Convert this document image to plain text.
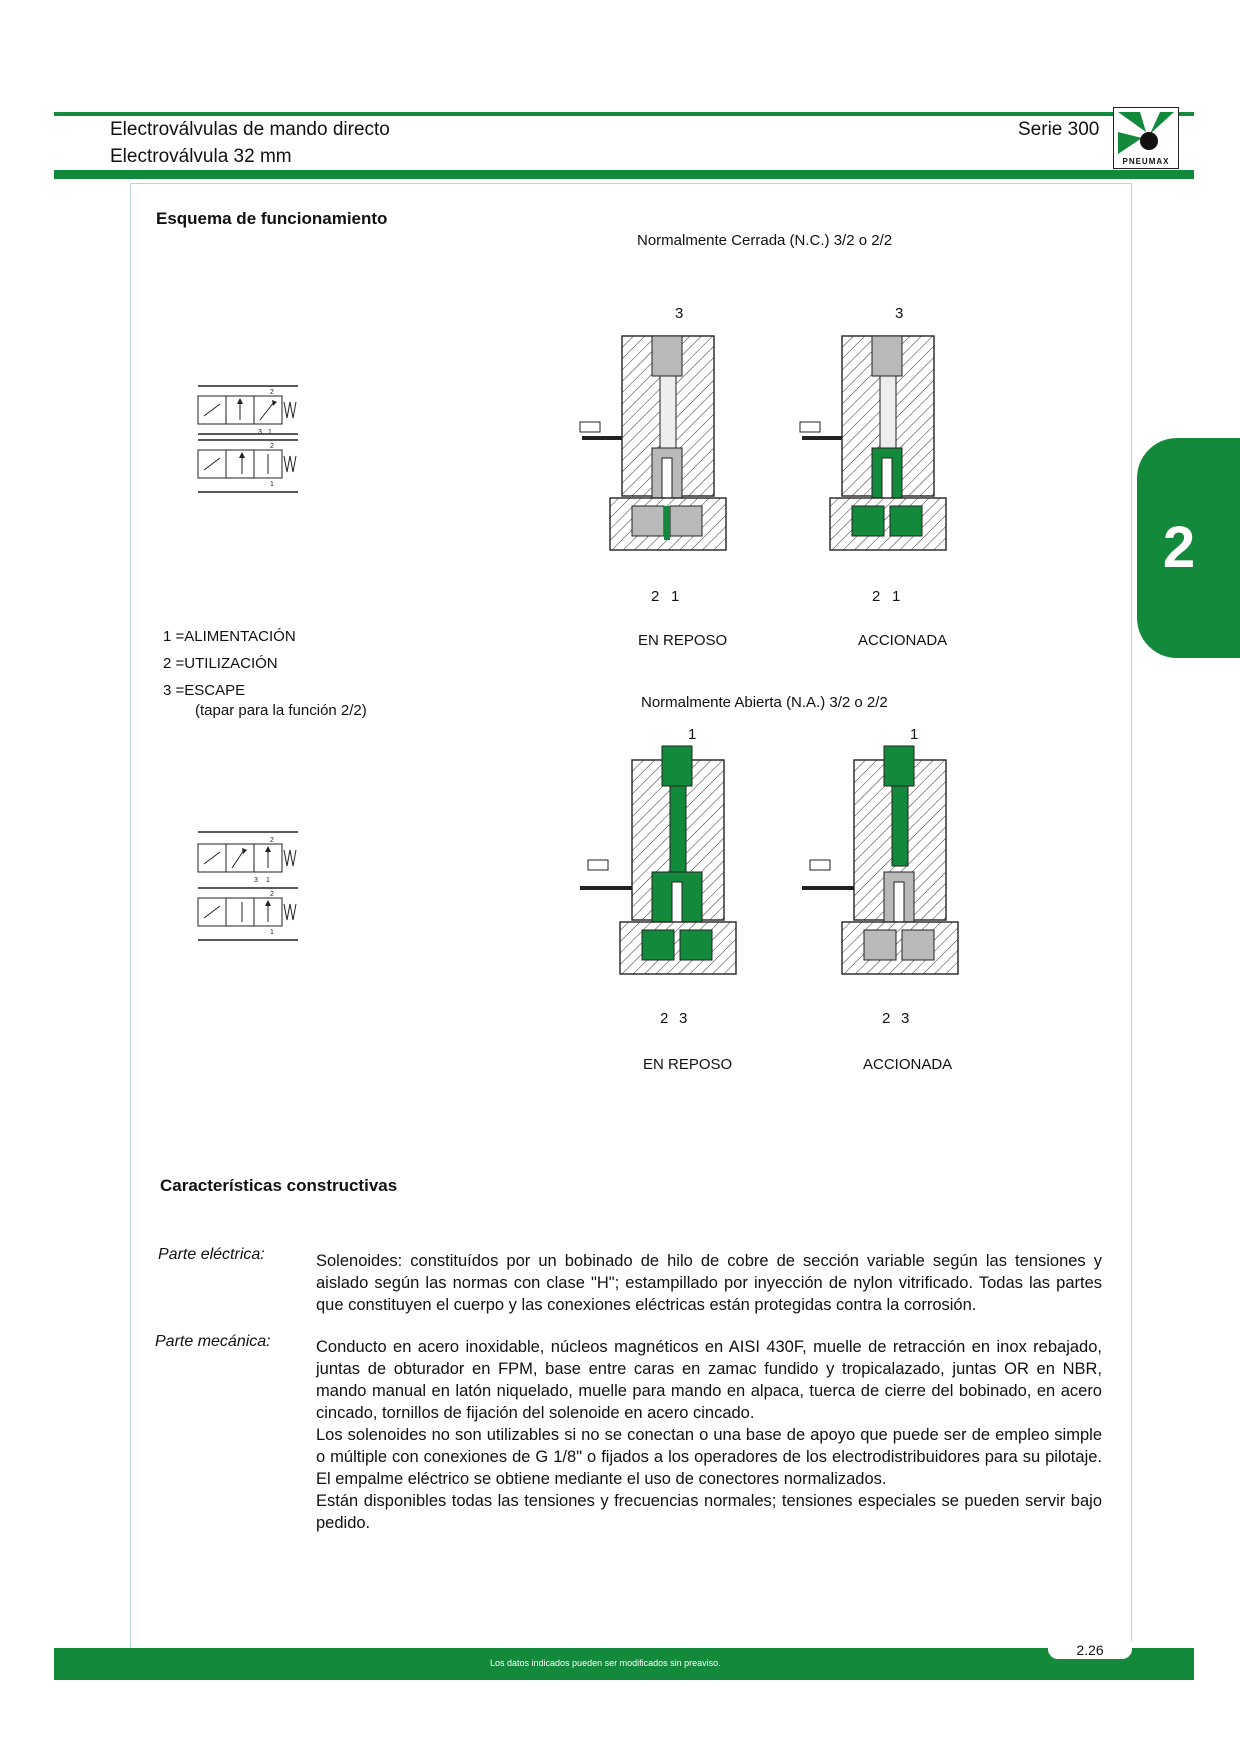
Electroválvulas de mando directo
Electroválvula 32 mm
Serie 300
PNEUMAX
2
Esquema de funcionamiento
Normalmente Cerrada (N.C.) 3/2 o 2/2
2
3 1
2
1
3	3
2 1	2 1
1 =ALIMENTACIÓN
2 =UTILIZACIÓN
3 =ESCAPE
(tapar para la función 2/2)
EN REPOSO	ACCIONADA
Normalmente Abierta (N.A.) 3/2 o 2/2
1	1
2
3 1
2
1
2 3	2 3
EN REPOSO	ACCIONADA
Características constructivas
Parte eléctrica:	Solenoides: constituídos por un bobinado de hilo de cobre de sección variable según las tensiones y aislado según las normas con clase "H"; estampillado por inyección de nylon vitrificado. Todas las partes que constituyen el cuerpo y las conexiones eléctricas están protegidas contra la corrosión.
Parte mecánica:	Conducto en acero inoxidable, núcleos magnéticos en AISI 430F, muelle de retracción en inox rebajado, juntas de obturador en FPM, base entre caras en zamac fundido y tropicalazado, juntas OR en NBR, mando manual en latón niquelado, muelle para mando en alpaca, tuerca de cierre del bobinado, en acero cincado, tornillos de fijación del solenoide en acero cincado.
Los solenoides no son utilizables si no se conectan o una base de apoyo que puede ser de empleo simple o múltiple con conexiones de G 1/8" o fijados a los operadores de los electrodistribuidores para su pilotaje. El empalme eléctrico se obtiene mediante el uso de conectores normalizados.
Están disponibles todas las tensiones y frecuencias normales; tensiones especiales se pueden servir bajo pedido.
Los datos indicados pueden ser modificados sin preaviso.
2.26
